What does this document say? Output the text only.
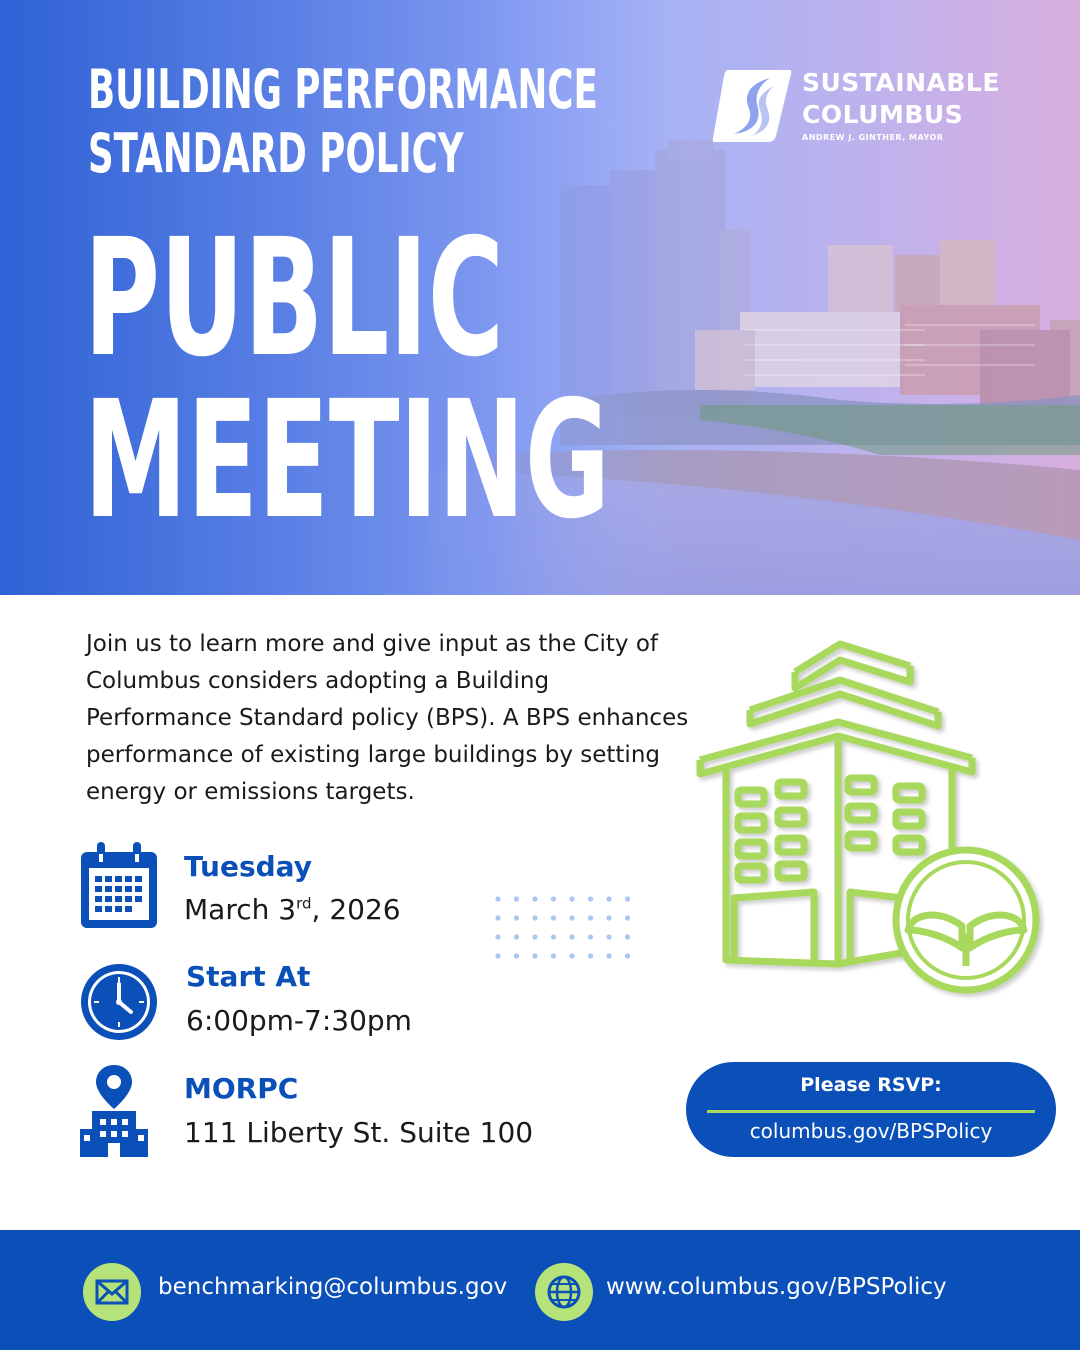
BUILDING PERFORMANCE
STANDARD POLICY
PUBLIC
MEETING
SUSTAINABLE
COLUMBUS
ANDREW J. GINTHER, MAYOR

Join us to learn more and give input as the City of Columbus considers adopting a Building Performance Standard policy (BPS). A BPS enhances performance of existing large buildings by setting energy or emissions targets.

Tuesday
March 3rd, 2026
Start At
6:00pm-7:30pm
MORPC
111 Liberty St. Suite 100
Please RSVP:
columbus.gov/BPSPolicy
benchmarking@columbus.gov	www.columbus.gov/BPSPolicy
